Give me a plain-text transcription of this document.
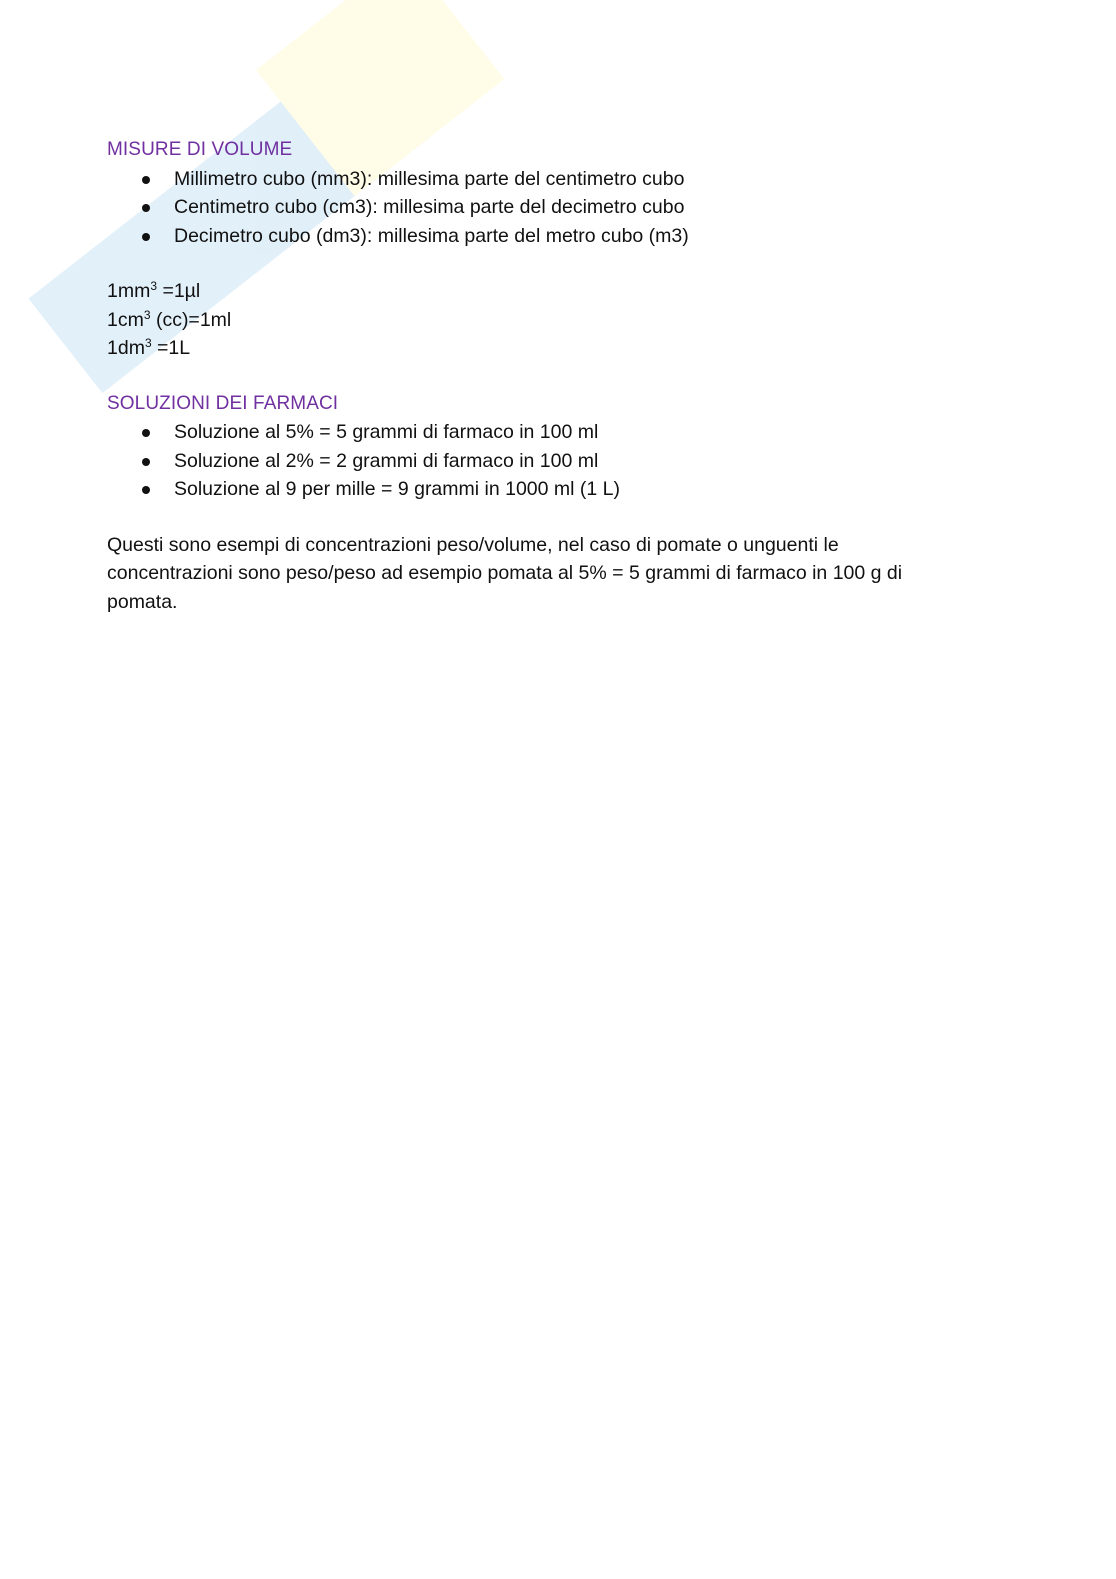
MISURE DI VOLUME

Millimetro cubo (mm3): millesima parte del centimetro cubo
Centimetro cubo (cm3): millesima parte del decimetro cubo
Decimetro cubo (dm3): millesima parte del metro cubo (m3)
$1mm^3 =1\mu l$
$1cm^3$ (cc)=1ml
$1dm^3 =1L$

SOLUZIONI DEI FARMACI

Soluzione al 5% = 5 grammi di farmaco in 100 ml
Soluzione al 2% = 2 grammi di farmaco in 100 ml
Soluzione al 9 per mille = 9 grammi in 1000 ml (1 L)

Questi sono esempi di concentrazioni peso/volume, nel caso di pomate o unguenti le concentrazioni sono peso/peso ad esempio pomata al 5% = 5 grammi di farmaco in 100 g di pomata.
